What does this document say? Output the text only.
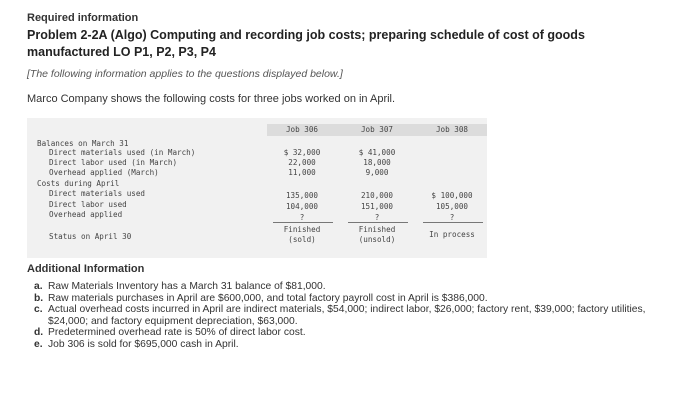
Required information
Problem 2-2A (Algo) Computing and recording job costs; preparing schedule of cost of goods manufactured LO P1, P2, P3, P4
[The following information applies to the questions displayed below.]
Marco Company shows the following costs for three jobs worked on in April.
Job 306	Job 307	Job 308
Balances on March 31
Direct materials used (in March)
Direct labor used (in March)
Overhead applied (March)
Costs during April
Direct materials used
Direct labor used
Overhead applied
Status on April 30
$ 32,000
22,000
11,000
135,000
104,000
?
Finished
(sold)
$ 41,000
18,000
9,000
210,000
151,000
?
Finished
(unsold)
$ 100,000
105,000
?
In process
Additional Information
a. Raw Materials Inventory has a March 31 balance of $81,000.
b. Raw materials purchases in April are $600,000, and total factory payroll cost in April is $386,000.
c. Actual overhead costs incurred in April are indirect materials, $54,000; indirect labor, $26,000; factory rent, $39,000; factory utilities, $24,000; and factory equipment depreciation, $63,000.
d. Predetermined overhead rate is 50% of direct labor cost.
e. Job 306 is sold for $695,000 cash in April.
